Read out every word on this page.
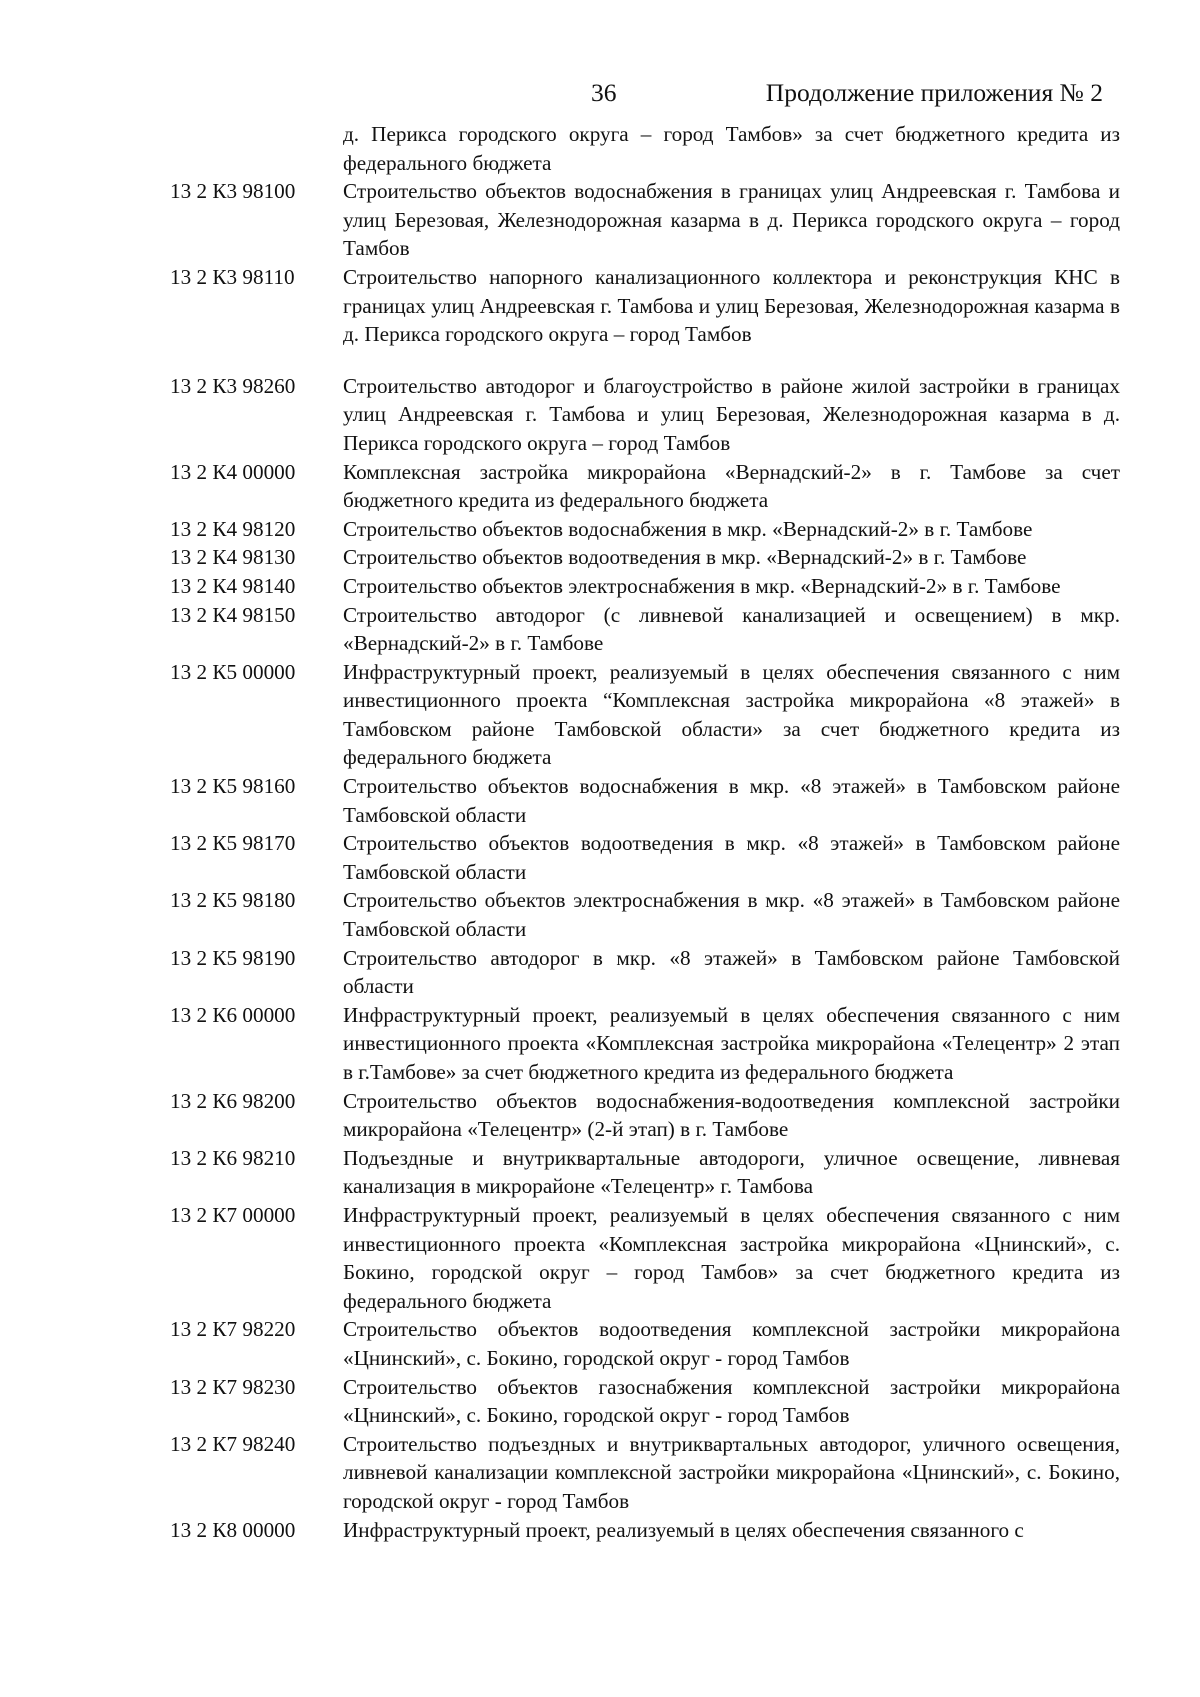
36	Продолжение приложения № 2
д. Перикса городского округа – город Тамбов» за счет бюджетного кредита из федерального бюджета
13 2 К3 98100	Строительство объектов водоснабжения в границах улиц Андреевская г. Тамбова и улиц Березовая, Железнодорожная казарма в д. Перикса городского округа – город Тамбов
13 2 К3 98110	Строительство напорного канализационного коллектора и реконструкция КНС в границах улиц Андреевская г. Тамбова и улиц Березовая, Железнодорожная казарма в д. Перикса городского округа – город Тамбов
13 2 К3 98260	Строительство автодорог и благоустройство в районе жилой застройки в границах улиц Андреевская г. Тамбова и улиц Березовая, Железнодорожная казарма в д. Перикса городского округа – город Тамбов
13 2 К4 00000	Комплексная застройка микрорайона «Вернадский-2» в г. Тамбове за счет бюджетного кредита из федерального бюджета
13 2 К4 98120	Строительство объектов водоснабжения в мкр. «Вернадский-2» в г. Тамбове
13 2 К4 98130	Строительство объектов водоотведения в мкр. «Вернадский-2» в г. Тамбове
13 2 К4 98140	Строительство объектов электроснабжения в мкр. «Вернадский-2» в г. Тамбове
13 2 К4 98150	Строительство автодорог (с ливневой канализацией и освещением) в мкр. «Вернадский-2» в г. Тамбове
13 2 К5 00000	Инфраструктурный проект, реализуемый в целях обеспечения связанного с ним инвестиционного проекта “Комплексная застройка микрорайона «8 этажей» в Тамбовском районе Тамбовской области» за счет бюджетного кредита из федерального бюджета
13 2 К5 98160	Строительство объектов водоснабжения в мкр. «8 этажей» в Тамбовском районе Тамбовской области
13 2 К5 98170	Строительство объектов водоотведения в мкр. «8 этажей» в Тамбовском районе Тамбовской области
13 2 К5 98180	Строительство объектов электроснабжения в мкр. «8 этажей» в Тамбовском районе Тамбовской области
13 2 К5 98190	Строительство автодорог в мкр. «8 этажей» в Тамбовском районе Тамбовской области
13 2 К6 00000	Инфраструктурный проект, реализуемый в целях обеспечения связанного с ним инвестиционного проекта «Комплексная застройка микрорайона «Телецентр» 2 этап в г.Тамбове» за счет бюджетного кредита из федерального бюджета
13 2 К6 98200	Строительство объектов водоснабжения-водоотведения комплексной застройки микрорайона «Телецентр» (2-й этап) в г. Тамбове
13 2 К6 98210	Подъездные и внутриквартальные автодороги, уличное освещение, ливневая канализация в микрорайоне «Телецентр» г. Тамбова
13 2 К7 00000	Инфраструктурный проект, реализуемый в целях обеспечения связанного с ним инвестиционного проекта «Комплексная застройка микрорайона «Цнинский», с. Бокино, городской округ – город Тамбов» за счет бюджетного кредита из федерального бюджета
13 2 К7 98220	Строительство объектов водоотведения комплексной застройки микрорайона «Цнинский», с. Бокино, городской округ - город Тамбов
13 2 К7 98230	Строительство объектов газоснабжения комплексной застройки микрорайона «Цнинский», с. Бокино, городской округ - город Тамбов
13 2 К7 98240	Строительство подъездных и внутриквартальных автодорог, уличного освещения, ливневой канализации комплексной застройки микрорайона «Цнинский», с. Бокино, городской округ - город Тамбов
13 2 К8 00000	Инфраструктурный проект, реализуемый в целях обеспечения связанного с
